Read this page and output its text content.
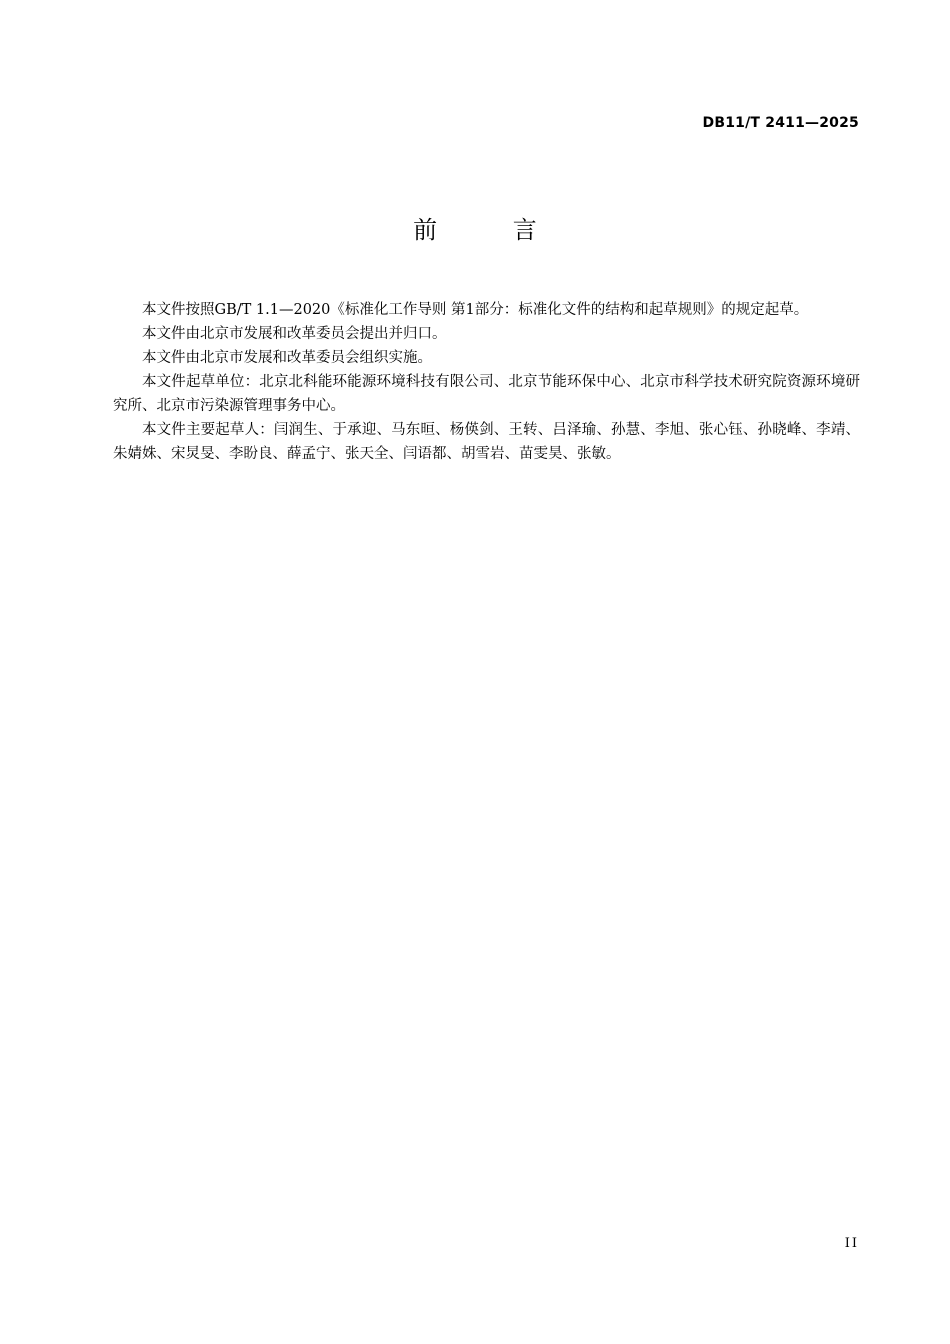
DB11/T 2411—2025
前 言

本文件按照GB/T 1.1—2020《标准化工作导则 第1部分：标准化文件的结构和起草规则》的规定起草。

本文件由北京市发展和改革委员会提出并归口。

本文件由北京市发展和改革委员会组织实施。

本文件起草单位：北京北科能环能源环境科技有限公司、北京节能环保中心、北京市科学技术研究院资源环境研究所、北京市污染源管理事务中心。

本文件主要起草人：闫润生、于承迎、马东晅、杨偀剑、王转、吕泽瑜、孙慧、李旭、张心钰、孙晓峰、李靖、朱婧姝、宋炅旻、李盼良、薛孟宁、张天全、闫语都、胡雪岩、苗雯昊、张敏。

II
